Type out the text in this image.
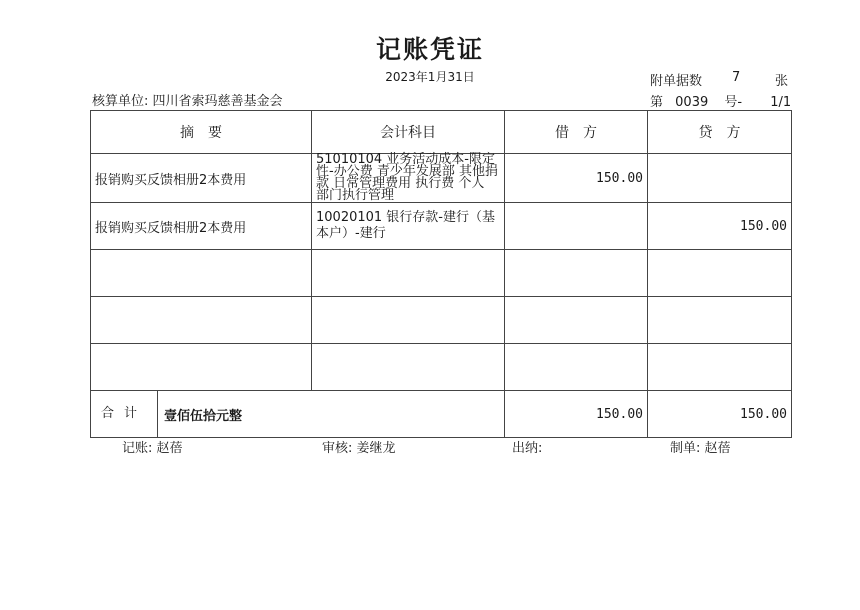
记账凭证
2023年1月31日	附单据数 7	张
核算单位: 四川省索玛慈善基金会	第 0039 号- 1/1
摘　要	会计科目	借　方	贷　方
报销购买反馈相册2本费用	51010104 业务活动成本-限定性-办公费 青少年发展部 其他捐款 日常管理费用 执行费 个人 部门执行管理	150.00	
报销购买反馈相册2本费用	10020101 银行存款-建行（基本户）-建行		150.00

合计 壹佰伍拾元整		150.00	150.00
记账: 赵蓓	审核: 姜继龙	出纳:	制单: 赵蓓
